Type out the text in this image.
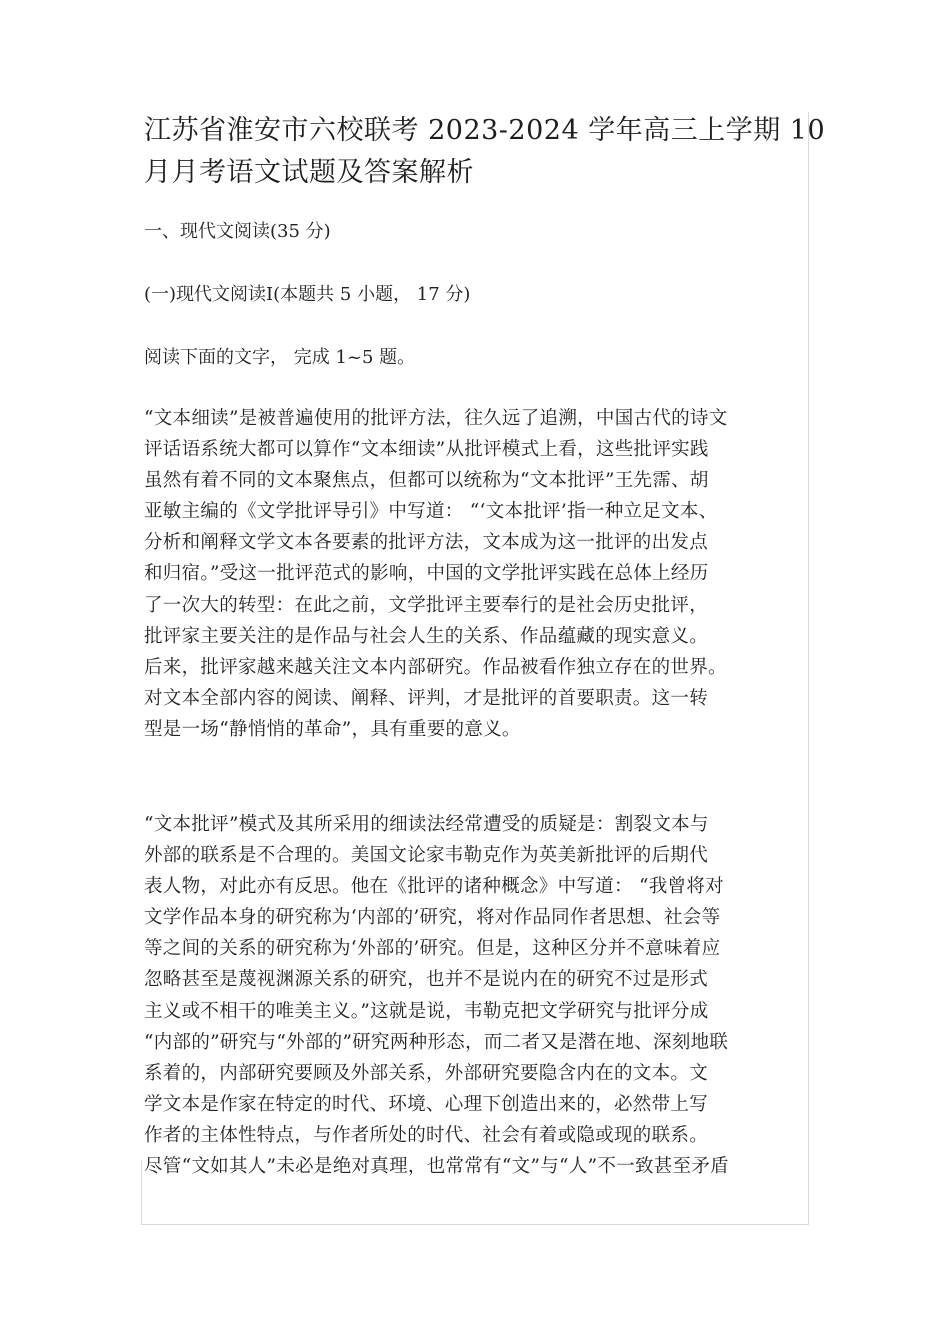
江苏省淮安市六校联考 2023-2024 学年高三上学期 10
月月考语文试题及答案解析
一、现代文阅读(35 分)
(一)现代文阅读Ⅰ(本题共 5 小题， 17 分)
阅读下面的文字， 完成 1~5 题。
“文本细读”是被普遍使用的批评方法，往久远了追溯，中国古代的诗文
评话语系统大都可以算作“文本细读”从批评模式上看，这些批评实践
虽然有着不同的文本聚焦点，但都可以统称为“文本批评”王先霈、胡
亚敏主编的《文学批评导引》中写道： “‘文本批评’指一种立足文本、
分析和阐释文学文本各要素的批评方法，文本成为这一批评的出发点
和归宿。”受这一批评范式的影响，中国的文学批评实践在总体上经历
了一次大的转型：在此之前，文学批评主要奉行的是社会历史批评，
批评家主要关注的是作品与社会人生的关系、作品蕴藏的现实意义。
后来，批评家越来越关注文本内部研究。作品被看作独立存在的世界。
对文本全部内容的阅读、阐释、评判，才是批评的首要职责。这一转
型是一场“静悄悄的革命”，具有重要的意义。
“文本批评”模式及其所采用的细读法经常遭受的质疑是：割裂文本与
外部的联系是不合理的。美国文论家韦勒克作为英美新批评的后期代
表人物，对此亦有反思。他在《批评的诸种概念》中写道： “我曾将对
文学作品本身的研究称为‘内部的’研究，将对作品同作者思想、社会等
等之间的关系的研究称为‘外部的’研究。但是，这种区分并不意味着应
忽略甚至是蔑视渊源关系的研究，也并不是说内在的研究不过是形式
主义或不相干的唯美主义。”这就是说，韦勒克把文学研究与批评分成
“内部的”研究与“外部的”研究两种形态，而二者又是潜在地、深刻地联
系着的，内部研究要顾及外部关系，外部研究要隐含内在的文本。文
学文本是作家在特定的时代、环境、心理下创造出来的，必然带上写
作者的主体性特点，与作者所处的时代、社会有着或隐或现的联系。
尽管“文如其人”未必是绝对真理，也常常有“文”与“人”不一致甚至矛盾
